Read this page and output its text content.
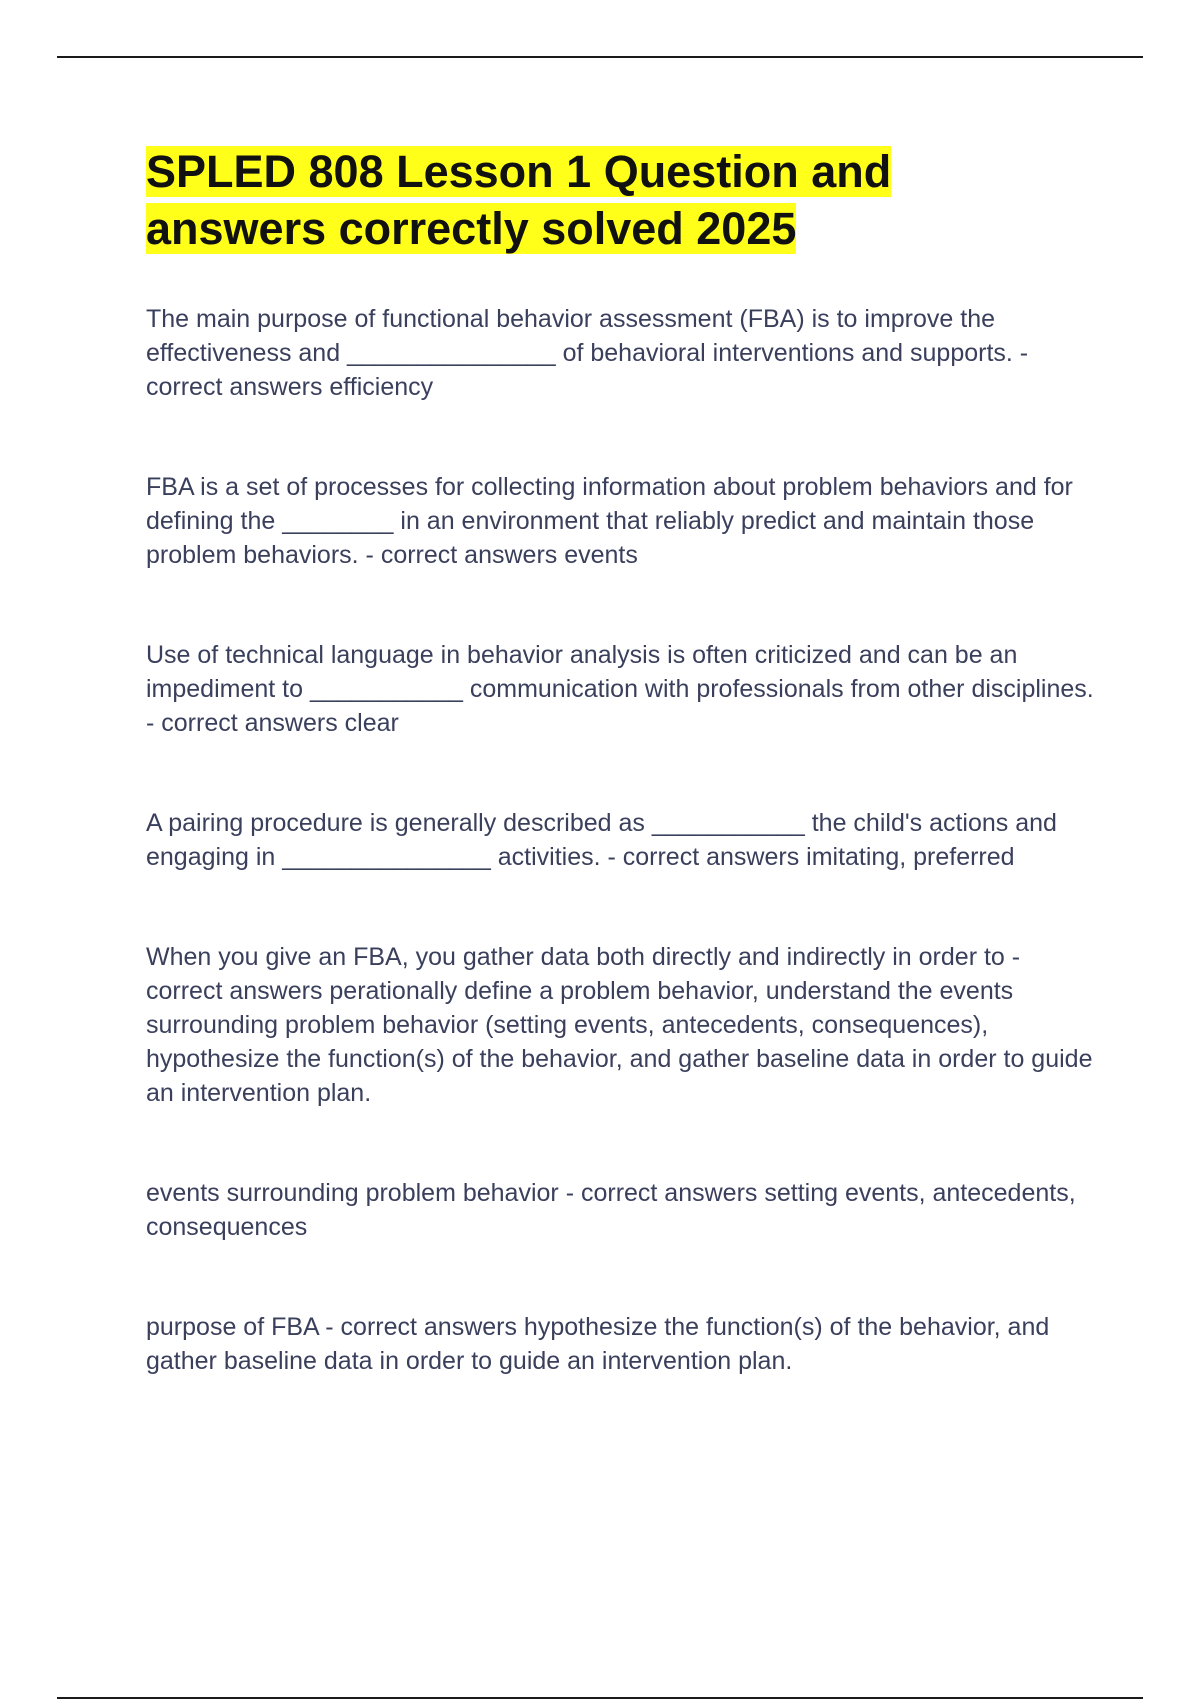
SPLED 808 Lesson 1 Question and answers correctly solved 2025

The main purpose of functional behavior assessment (FBA) is to improve the effectiveness and _______________ of behavioral interventions and supports. - correct answers efficiency

FBA is a set of processes for collecting information about problem behaviors and for defining the ________ in an environment that reliably predict and maintain those problem behaviors. - correct answers events

Use of technical language in behavior analysis is often criticized and can be an impediment to ___________ communication with professionals from other disciplines. - correct answers clear

A pairing procedure is generally described as ___________ the child's actions and engaging in _______________ activities. - correct answers imitating, preferred

When you give an FBA, you gather data both directly and indirectly in order to - correct answers perationally define a problem behavior, understand the events surrounding problem behavior (setting events, antecedents, consequences), hypothesize the function(s) of the behavior, and gather baseline data in order to guide an intervention plan.

events surrounding problem behavior - correct answers setting events, antecedents, consequences

purpose of FBA - correct answers hypothesize the function(s) of the behavior, and gather baseline data in order to guide an intervention plan.
